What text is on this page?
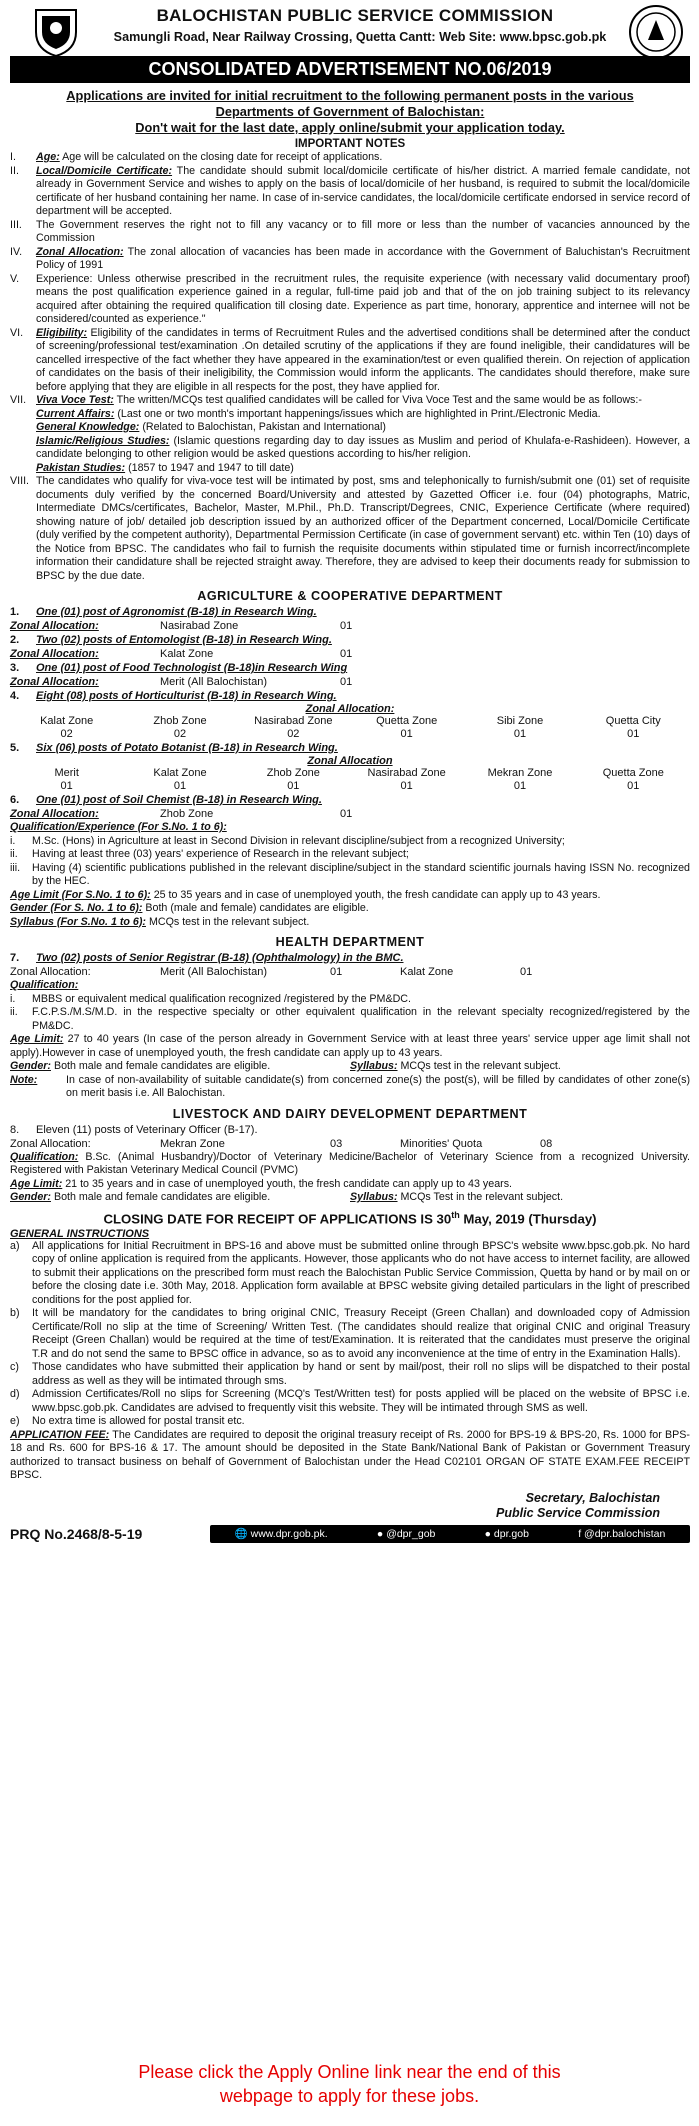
BALOCHISTAN PUBLIC SERVICE COMMISSION
Samungli Road, Near Railway Crossing, Quetta Cantt: Web Site: www.bpsc.gob.pk
CONSOLIDATED ADVERTISEMENT NO.06/2019
Applications are invited for initial recruitment to the following permanent posts in the various
Departments of Government of Balochistan:
Don't wait for the last date, apply online/submit your application today.
IMPORTANT NOTES
I.	Age: Age will be calculated on the closing date for receipt of applications.
II.	Local/Domicile Certificate: The candidate should submit local/domicile certificate of his/her district. A married female candidate, not already in Government Service and wishes to apply on the basis of local/domicile of her husband, is required to submit the local/domicile certificate of her husband containing her name. In case of in-service candidates, the local/domicile certificate endorsed in service record of department will be accepted.
III.	The Government reserves the right not to fill any vacancy or to fill more or less than the number of vacancies announced by the Commission
IV.	Zonal Allocation: The zonal allocation of vacancies has been made in accordance with the Government of Baluchistan's Recruitment Policy of 1991
V.	Experience: Unless otherwise prescribed in the recruitment rules, the requisite experience (with necessary valid documentary proof) means the post qualification experience gained in a regular, full-time paid job and that of the on job training subject to its relevancy acquired after obtaining the required qualification till closing date. Experience as part time, honorary, apprentice and internee will not be considered/counted as experience."
VI.	Eligibility: Eligibility of the candidates in terms of Recruitment Rules and the advertised conditions shall be determined after the conduct of screening/professional test/examination .On detailed scrutiny of the applications if they are found ineligible, their candidatures will be cancelled irrespective of the fact whether they have appeared in the examination/test or even qualified therein. On rejection of application of candidates on the basis of their ineligibility, the Commission would inform the applicants. The candidates should therefore, make sure before applying that they are eligible in all respects for the post, they have applied for.
VII. Viva Voce Test: The written/MCQs test qualified candidates will be called for Viva Voce Test and the same would be as follows:-
Current Affairs: (Last one or two month's important happenings/issues which are highlighted in Print./Electronic Media.
General Knowledge: (Related to Balochistan, Pakistan and International)
Islamic/Religious Studies: (Islamic questions regarding day to day issues as Muslim and period of Khulafa-e-Rashideen). However, a candidate belonging to other religion would be asked questions according to his/her religion.
Pakistan Studies: (1857 to 1947 and 1947 to till date)
VIII. The candidates who qualify for viva-voce test will be intimated by post, sms and telephonically to furnish/submit one (01) set of requisite documents duly verified by the concerned Board/University and attested by Gazetted Officer i.e. four (04) photographs, Matric, Intermediate DMCs/certificates, Bachelor, Master, M.Phil., Ph.D. Transcript/Degrees, CNIC, Experience Certificate (where required) showing nature of job/ detailed job description issued by an authorized officer of the Department concerned, Local/Domicile Certificate (duly verified by the competent authority), Departmental Permission Certificate (in case of government servant) etc. within Ten (10) days of the Notice from BPSC. The candidates who fail to furnish the requisite documents within stipulated time or furnish incorrect/incomplete information their candidature shall be rejected straight away. Therefore, they are advised to keep their documents ready for submission to BPSC by the due date.
AGRICULTURE & COOPERATIVE DEPARTMENT
1.	One (01) post of Agronomist (B-18) in Research Wing.
Zonal Allocation:	Nasirabad Zone	01
2.	Two (02) posts of Entomologist (B-18) in Research Wing.
Zonal Allocation:	Kalat Zone	01
3.	One (01) post of Food Technologist (B-18)in Research Wing
Zonal Allocation:	Merit (All Balochistan)	01
4.	Eight (08) posts of Horticulturist (B-18) in Research Wing.
Zonal Allocation:
Kalat Zone	Zhob Zone	Nasirabad Zone	Quetta Zone	Sibi Zone	Quetta City
02	02	02	01	01	01
5.	Six (06) posts of Potato Botanist (B-18) in Research Wing.
Zonal Allocation
Merit	Kalat Zone	Zhob Zone	Nasirabad Zone	Mekran Zone	Quetta Zone
01	01	01	01	01	01
6.	One (01) post of Soil Chemist (B-18) in Research Wing.
Zonal Allocation:	Zhob Zone	01
Qualification/Experience (For S.No. 1 to 6):
i.	M.Sc. (Hons) in Agriculture at least in Second Division in relevant discipline/subject from a recognized University;
ii.	Having at least three (03) years' experience of Research in the relevant subject;
iii.	Having (4) scientific publications published in the relevant discipline/subject in the standard scientific journals having ISSN No. recognized by the HEC.
Age Limit (For S.No. 1 to 6): 25 to 35 years and in case of unemployed youth, the fresh candidate can apply up to 43 years.
Gender (For S. No. 1 to 6): Both (male and female) candidates are eligible.
Syllabus (For S.No. 1 to 6): MCQs test in the relevant subject.
HEALTH DEPARTMENT
7.	Two (02) posts of Senior Registrar (B-18) (Ophthalmology) in the BMC.
Zonal Allocation:	Merit (All Balochistan)	01	Kalat Zone	01
Qualification:
i.	MBBS or equivalent medical qualification recognized /registered by the PM&DC.
ii.	F.C.P.S./M.S/M.D. in the respective specialty or other equivalent qualification in the relevant specialty recognized/registered by the PM&DC.
Age Limit: 27 to 40 years (In case of the person already in Government Service with at least three years' service upper age limit shall not apply).However in case of unemployed youth, the fresh candidate can apply up to 43 years.
Gender: Both male and female candidates are eligible.	Syllabus: MCQs test in the relevant subject.
Note:	In case of non-availability of suitable candidate(s) from concerned zone(s) the post(s), will be filled by candidates of other zone(s) on merit basis i.e. All Balochistan.
LIVESTOCK AND DAIRY DEVELOPMENT DEPARTMENT
8.	Eleven (11) posts of Veterinary Officer (B-17).
Zonal Allocation:	Mekran Zone	03	Minorities' Quota	08
Qualification: B.Sc. (Animal Husbandry)/Doctor of Veterinary Medicine/Bachelor of Veterinary Science from a recognized University. Registered with Pakistan Veterinary Medical Council (PVMC)
Age Limit: 21 to 35 years and in case of unemployed youth, the fresh candidate can apply up to 43 years.
Gender: Both male and female candidates are eligible.	Syllabus: MCQs Test in the relevant subject.
CLOSING DATE FOR RECEIPT OF APPLICATIONS IS 30th May, 2019 (Thursday)
GENERAL INSTRUCTIONS
a)	All applications for Initial Recruitment in BPS-16 and above must be submitted online through BPSC's website www.bpsc.gob.pk. No hard copy of online application is required from the applicants. However, those applicants who do not have access to internet facility, are allowed to submit their applications on the prescribed form must reach the Balochistan Public Service Commission, Quetta by hand or by mail on or before the closing date i.e. 30th May, 2018. Application form available at BPSC website giving detailed particulars in the light of prescribed conditions for the post applied for.
b)	It will be mandatory for the candidates to bring original CNIC, Treasury Receipt (Green Challan) and downloaded copy of Admission Certificate/Roll no slip at the time of Screening/ Written Test. (The candidates should realize that original CNIC and original Treasury Receipt (Green Challan) would be required at the time of test/Examination. It is reiterated that the candidates must preserve the original T.R and do not send the same to BPSC office in advance, so as to avoid any inconvenience at the time of entry in the Examination Halls).
c)	Those candidates who have submitted their application by hand or sent by mail/post, their roll no slips will be dispatched to their postal address as well as they will be intimated through sms.
d)	Admission Certificates/Roll no slips for Screening (MCQ's Test/Written test) for posts applied will be placed on the website of BPSC i.e. www.bpsc.gob.pk. Candidates are advised to frequently visit this website. They will be intimated through SMS as well.
e)	No extra time is allowed for postal transit etc.
APPLICATION FEE: The Candidates are required to deposit the original treasury receipt of Rs. 2000 for BPS-19 & BPS-20, Rs. 1000 for BPS-18 and Rs. 600 for BPS-16 & 17. The amount should be deposited in the State Bank/National Bank of Pakistan or Government Treasury authorized to transact business on behalf of Government of Balochistan under the Head C02101 ORGAN OF STATE EXAM.FEE RECEIPT BPSC.
Secretary, Balochistan
Public Service Commission
PRQ No.2468/8-5-19	🌐 www.dpr.gob.pk.	● @dpr_gob	● dpr.gob	f @dpr.balochistan
Please click the Apply Online link near the end of this
webpage to apply for these jobs.
